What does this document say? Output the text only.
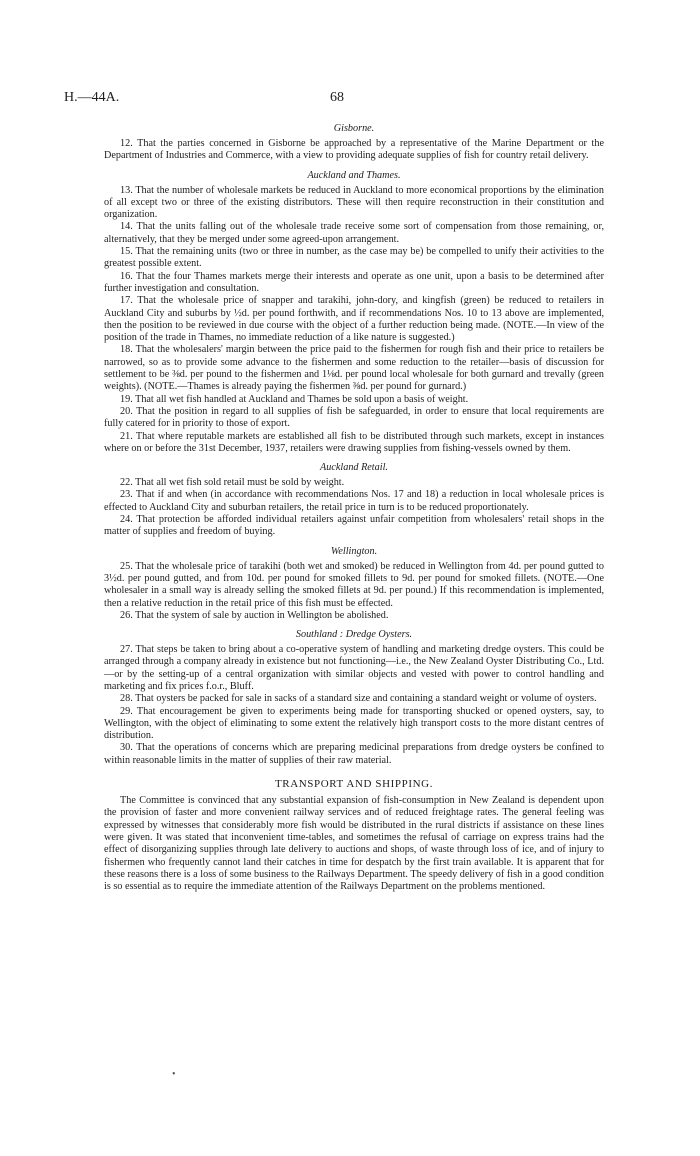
H.—44A.	68
Gisborne.

12. That the parties concerned in Gisborne be approached by a representative of the Marine Department or the Department of Industries and Commerce, with a view to providing adequate supplies of fish for country retail delivery.

Auckland and Thames.

13. That the number of wholesale markets be reduced in Auckland to more economical proportions by the elimination of all except two or three of the existing distributors. These will then require reconstruction in their constitution and organization.

14. That the units falling out of the wholesale trade receive some sort of compensation from those remaining, or, alternatively, that they be merged under some agreed-upon arrangement.

15. That the remaining units (two or three in number, as the case may be) be compelled to unify their activities to the greatest possible extent.

16. That the four Thames markets merge their interests and operate as one unit, upon a basis to be determined after further investigation and consultation.

17. That the wholesale price of snapper and tarakihi, john-dory, and kingfish (green) be reduced to retailers in Auckland City and suburbs by ½d. per pound forthwith, and if recommendations Nos. 10 to 13 above are implemented, then the position to be reviewed in due course with the object of a further reduction being made. (NOTE.—In view of the position of the trade in Thames, no immediate reduction of a like nature is suggested.)

18. That the wholesalers' margin between the price paid to the fishermen for rough fish and their price to retailers be narrowed, so as to provide some advance to the fishermen and some reduction to the retailer—basis of discussion for settlement to be ⅜d. per pound to the fishermen and 1⅛d. per pound local wholesale for both gurnard and trevally (green weights). (NOTE.—Thames is already paying the fishermen ⅜d. per pound for gurnard.)

19. That all wet fish handled at Auckland and Thames be sold upon a basis of weight.

20. That the position in regard to all supplies of fish be safeguarded, in order to ensure that local requirements are fully catered for in priority to those of export.

21. That where reputable markets are established all fish to be distributed through such markets, except in instances where on or before the 31st December, 1937, retailers were drawing supplies from fishing-vessels owned by them.

Auckland Retail.

22. That all wet fish sold retail must be sold by weight.

23. That if and when (in accordance with recommendations Nos. 17 and 18) a reduction in local wholesale prices is effected to Auckland City and suburban retailers, the retail price in turn is to be reduced proportionately.

24. That protection be afforded individual retailers against unfair competition from wholesalers' retail shops in the matter of supplies and freedom of buying.

Wellington.

25. That the wholesale price of tarakihi (both wet and smoked) be reduced in Wellington from 4d. per pound gutted to 3½d. per pound gutted, and from 10d. per pound for smoked fillets to 9d. per pound for smoked fillets. (NOTE.—One wholesaler in a small way is already selling the smoked fillets at 9d. per pound.) If this recommendation is implemented, then a relative reduction in the retail price of this fish must be effected.

26. That the system of sale by auction in Wellington be abolished.

Southland : Dredge Oysters.

27. That steps be taken to bring about a co-operative system of handling and marketing dredge oysters. This could be arranged through a company already in existence but not functioning—i.e., the New Zealand Oyster Distributing Co., Ltd.—or by the setting-up of a central organization with similar objects and vested with power to control handling and marketing and fix prices f.o.r., Bluff.

28. That oysters be packed for sale in sacks of a standard size and containing a standard weight or volume of oysters.

29. That encouragement be given to experiments being made for transporting shucked or opened oysters, say, to Wellington, with the object of eliminating to some extent the relatively high transport costs to the more distant centres of distribution.

30. That the operations of concerns which are preparing medicinal preparations from dredge oysters be confined to within reasonable limits in the matter of supplies of their raw material.

TRANSPORT AND SHIPPING.

The Committee is convinced that any substantial expansion of fish-consumption in New Zealand is dependent upon the provision of faster and more convenient railway services and of reduced freightage rates. The general feeling was expressed by witnesses that considerably more fish would be distributed in the rural districts if assistance on these lines were given. It was stated that inconvenient time-tables, and sometimes the refusal of carriage on express trains had the effect of disorganizing supplies through late delivery to auctions and shops, of waste through loss of ice, and of injury to fishermen who frequently cannot land their catches in time for despatch by the first train available. It is apparent that for these reasons there is a loss of some business to the Railways Department. The speedy delivery of fish in a good condition is so essential as to require the immediate attention of the Railways Department on the problems mentioned.

•
